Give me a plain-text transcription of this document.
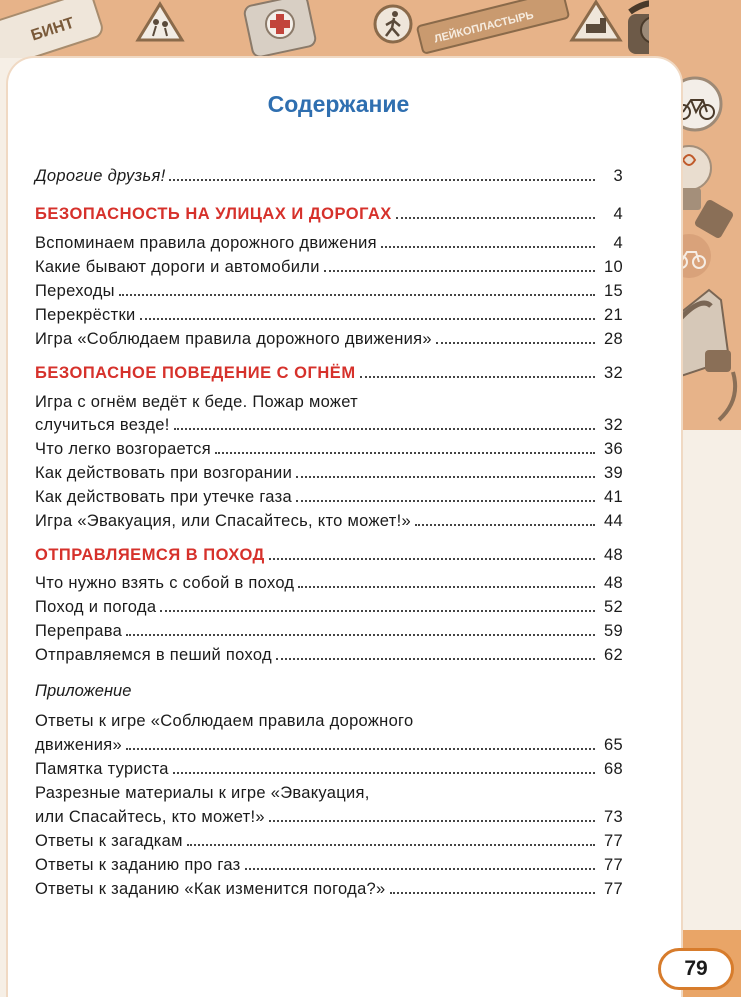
БИНТ	ЛЕЙКОПЛАСТЫРЬ
Содержание
Дорогие друзья!	3
БЕЗОПАСНОСТЬ НА УЛИЦАХ И ДОРОГАХ	4
Вспоминаем правила дорожного движения	4
Какие бывают дороги и автомобили	10
Переходы	15
Перекрёстки	21
Игра «Соблюдаем правила дорожного движения»	28
БЕЗОПАСНОЕ ПОВЕДЕНИЕ С ОГНЁМ	32
Игра с огнём ведёт к беде. Пожар может
случиться везде!	32
Что легко возгорается	36
Как действовать при возгорании	39
Как действовать при утечке газа	41
Игра «Эвакуация, или Спасайтесь, кто может!»	44
ОТПРАВЛЯЕМСЯ В ПОХОД	48
Что нужно взять с собой в поход	48
Поход и погода	52
Переправа	59
Отправляемся в пеший поход	62
Приложение
Ответы к игре «Соблюдаем правила дорожного
движения»	65
Памятка туриста	68
Разрезные материалы к игре «Эвакуация,
или Спасайтесь, кто может!»	73
Ответы к загадкам	77
Ответы к заданию про газ	77
Ответы к заданию «Как изменится погода?»	77
79
